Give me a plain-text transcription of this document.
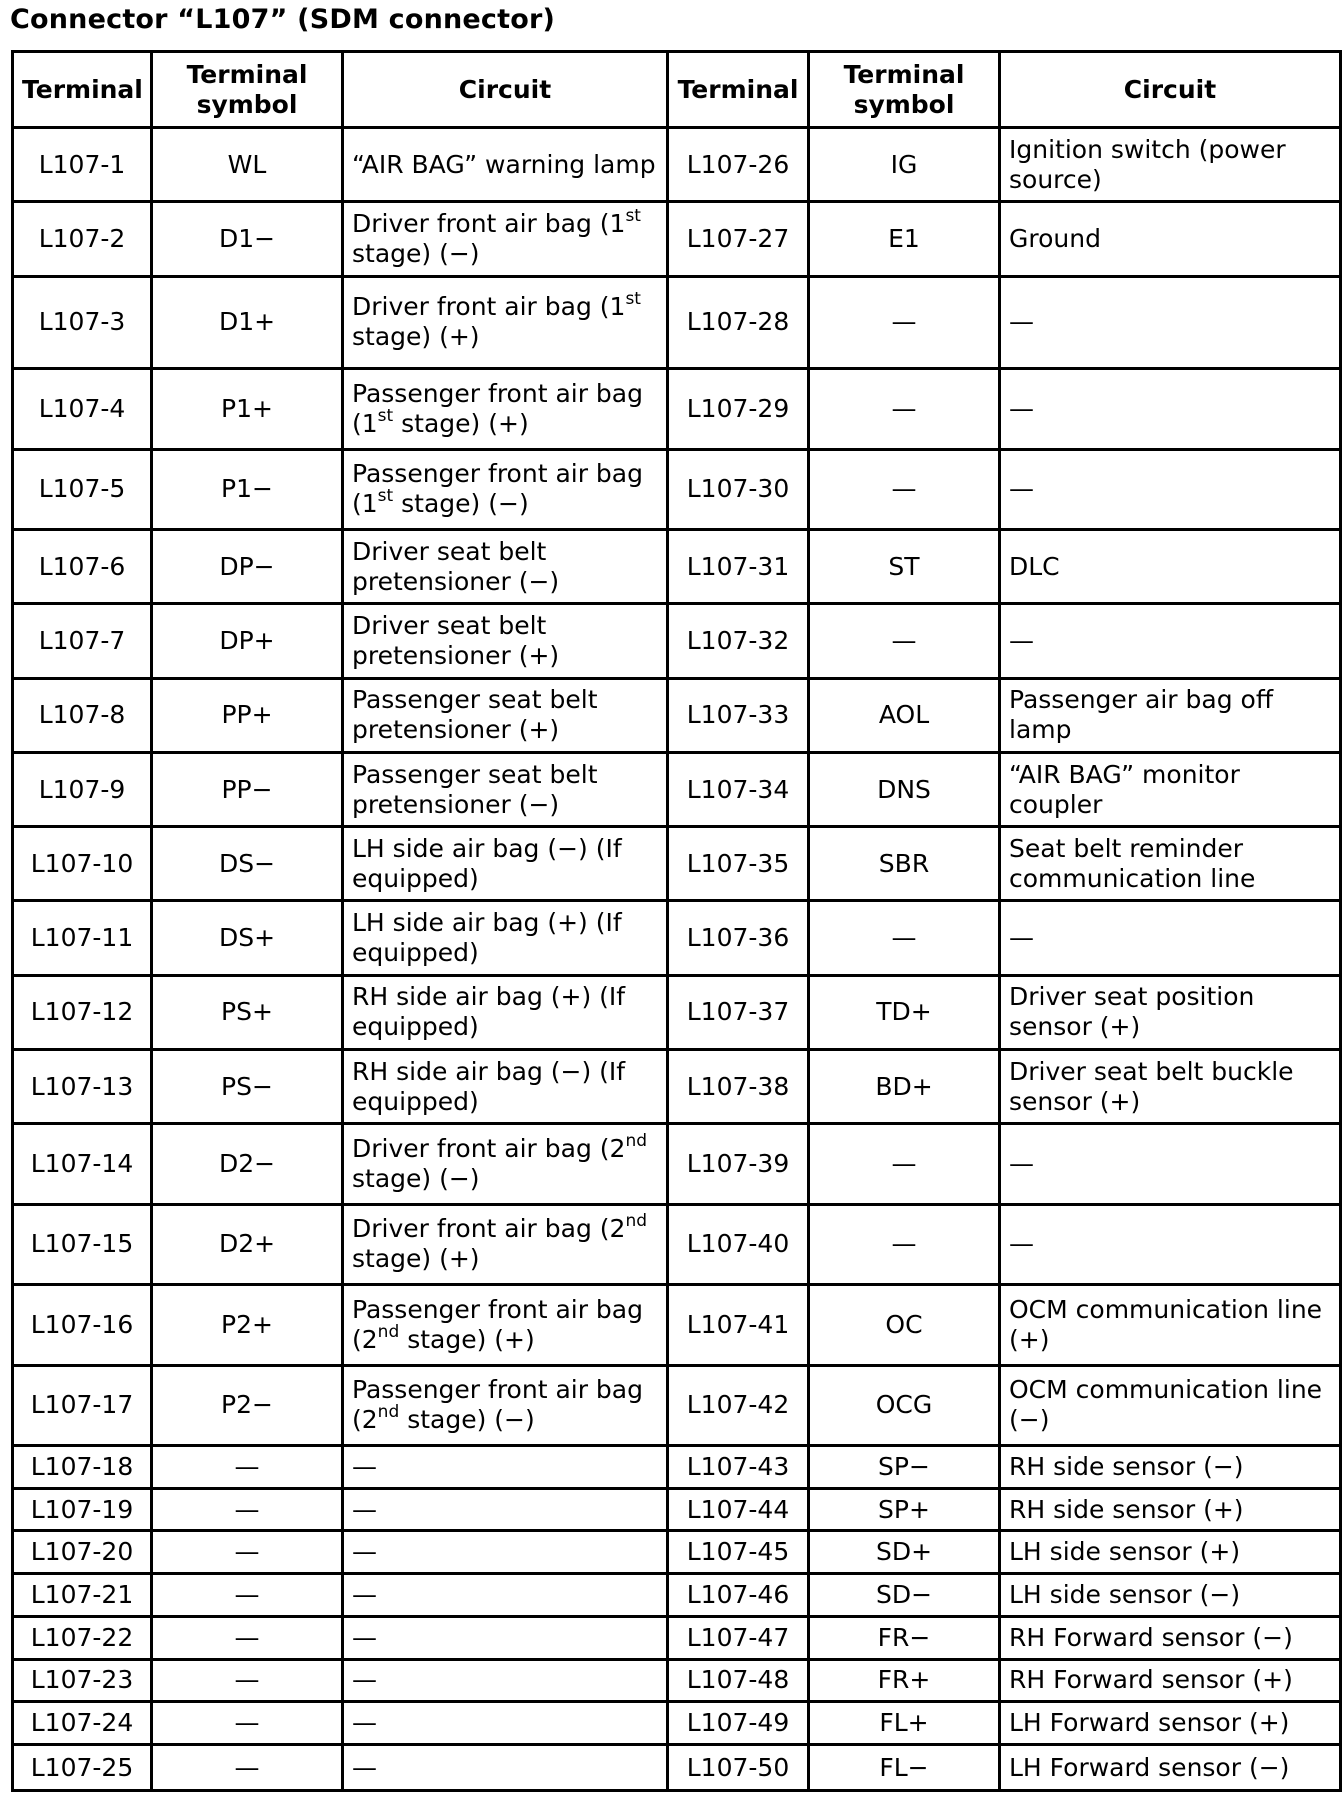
Connector “L107” (SDM connector)
Terminal	Terminal symbol	Circuit	Terminal	Terminal symbol	Circuit
L107-1	WL	“AIR BAG” warning lamp	L107-26	IG	Ignition switch (power source)
L107-2	D1−	Driver front air bag (1st stage) (−)	L107-27	E1	Ground
L107-3	D1+	Driver front air bag (1st stage) (+)	L107-28	—	—
L107-4	P1+	Passenger front air bag (1st stage) (+)	L107-29	—	—
L107-5	P1−	Passenger front air bag (1st stage) (−)	L107-30	—	—
L107-6	DP−	Driver seat belt pretensioner (−)	L107-31	ST	DLC
L107-7	DP+	Driver seat belt pretensioner (+)	L107-32	—	—
L107-8	PP+	Passenger seat belt pretensioner (+)	L107-33	AOL	Passenger air bag off lamp
L107-9	PP−	Passenger seat belt pretensioner (−)	L107-34	DNS	“AIR BAG” monitor coupler
L107-10	DS−	LH side air bag (−) (If equipped)	L107-35	SBR	Seat belt reminder communication line
L107-11	DS+	LH side air bag (+) (If equipped)	L107-36	—	—
L107-12	PS+	RH side air bag (+) (If equipped)	L107-37	TD+	Driver seat position sensor (+)
L107-13	PS−	RH side air bag (−) (If equipped)	L107-38	BD+	Driver seat belt buckle sensor (+)
L107-14	D2−	Driver front air bag (2nd stage) (−)	L107-39	—	—
L107-15	D2+	Driver front air bag (2nd stage) (+)	L107-40	—	—
L107-16	P2+	Passenger front air bag (2nd stage) (+)	L107-41	OC	OCM communication line (+)
L107-17	P2−	Passenger front air bag (2nd stage) (−)	L107-42	OCG	OCM communication line (−)
L107-18	—	—	L107-43	SP−	RH side sensor (−)
L107-19	—	—	L107-44	SP+	RH side sensor (+)
L107-20	—	—	L107-45	SD+	LH side sensor (+)
L107-21	—	—	L107-46	SD−	LH side sensor (−)
L107-22	—	—	L107-47	FR−	RH Forward sensor (−)
L107-23	—	—	L107-48	FR+	RH Forward sensor (+)
L107-24	—	—	L107-49	FL+	LH Forward sensor (+)
L107-25	—	—	L107-50	FL−	LH Forward sensor (−)
